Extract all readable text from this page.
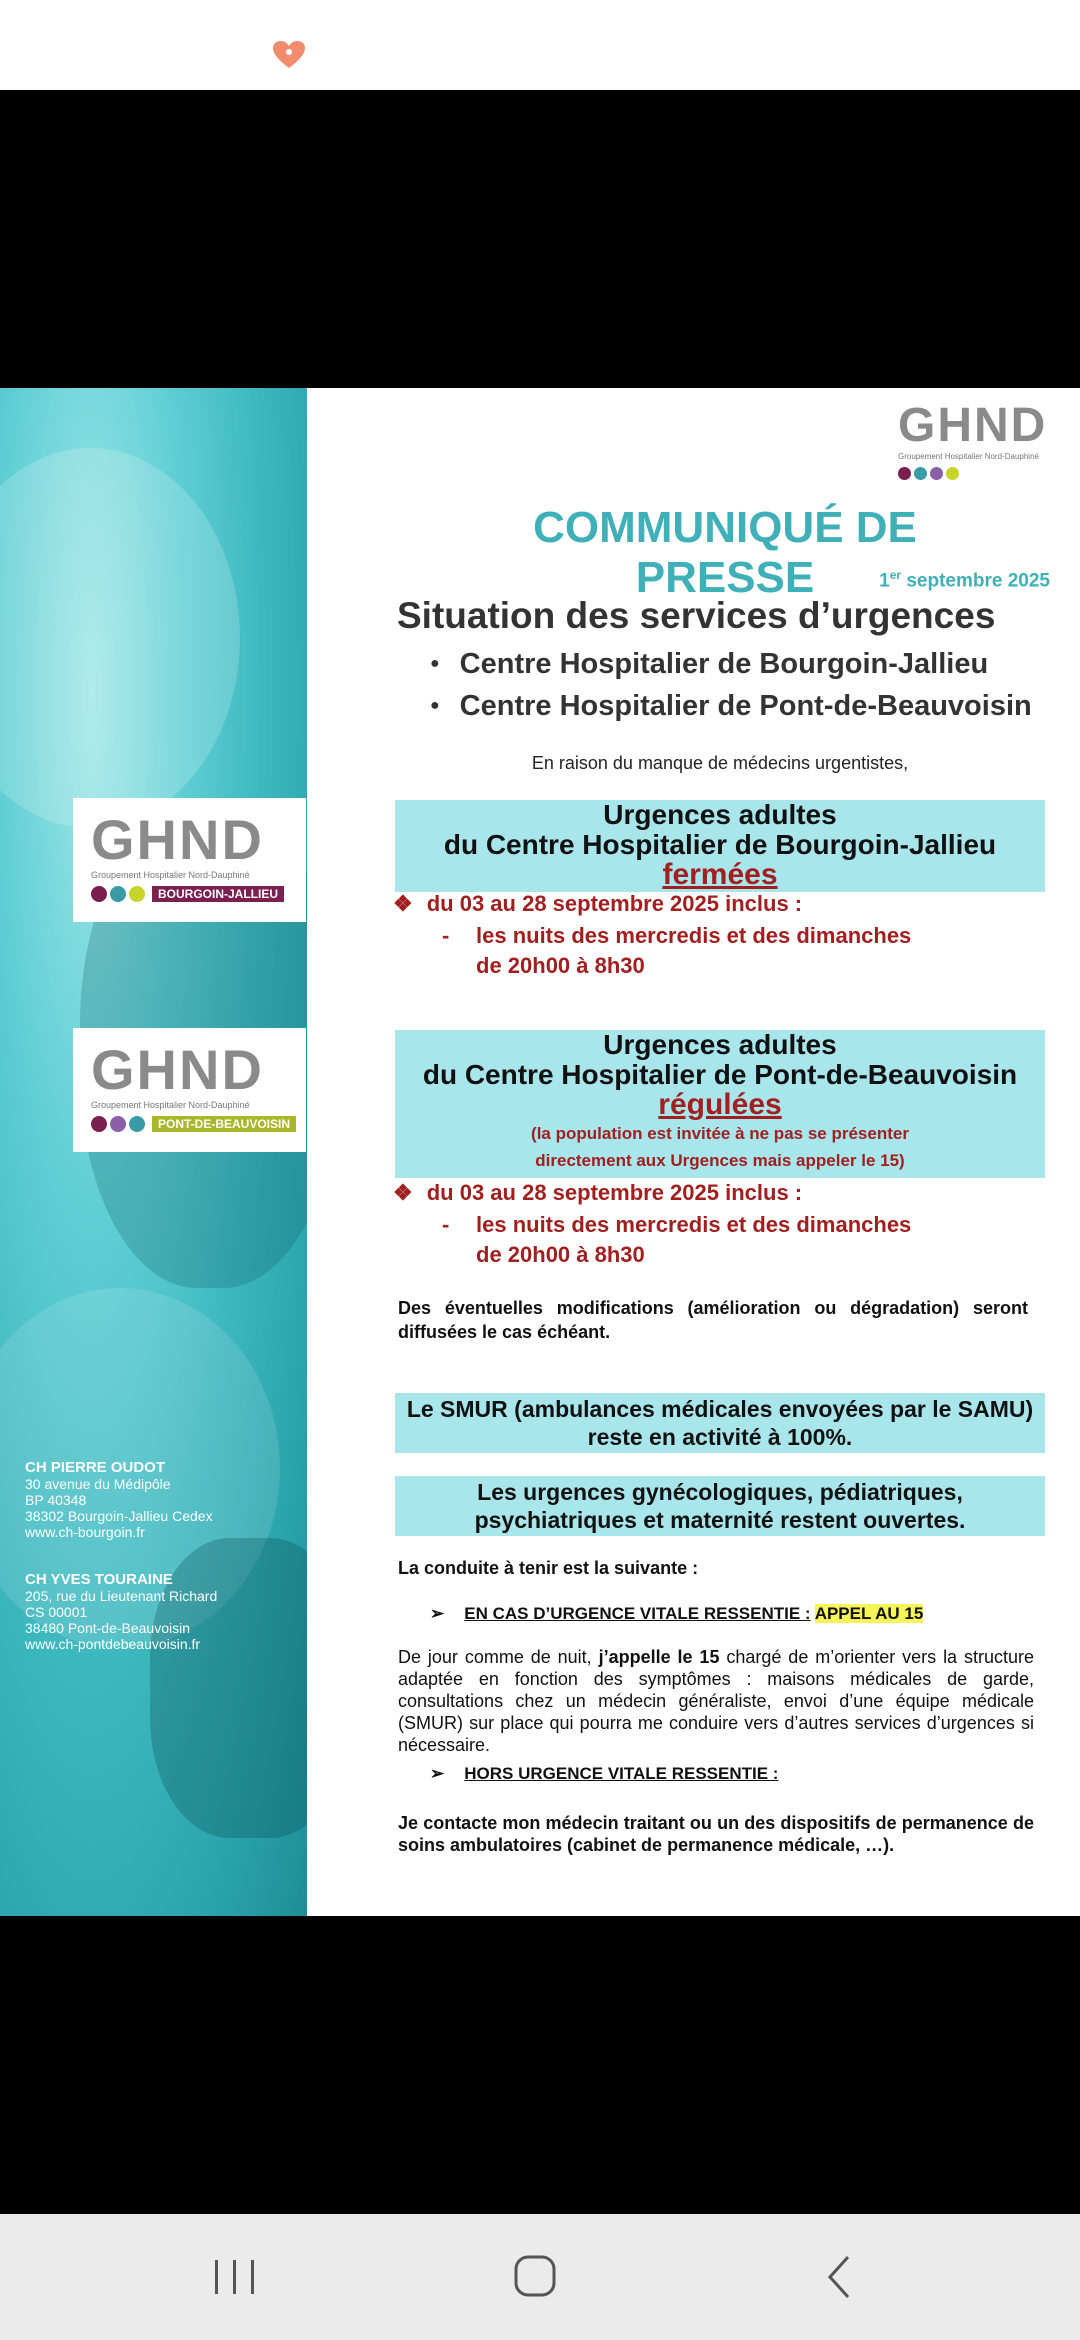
GHND
Groupement Hospitalier Nord-Dauphiné
BOURGOIN-JALLIEU
GHND
Groupement Hospitalier Nord-Dauphiné
PONT-DE-BEAUVOISIN
CH PIERRE OUDOT
30 avenue du Médipôle
BP 40348
38302 Bourgoin-Jallieu Cedex
www.ch-bourgoin.fr
CH YVES TOURAINE
205, rue du Lieutenant Richard
CS 00001
38480 Pont-de-Beauvoisin
www.ch-pontdebeauvoisin.fr
GHND
Groupement Hospitalier Nord-Dauphiné
COMMUNIQUÉ DE PRESSE	1er septembre 2025
Situation des services d’urgences
● Centre Hospitalier de Bourgoin-Jallieu
● Centre Hospitalier de Pont-de-Beauvoisin
En raison du manque de médecins urgentistes,
Urgences adultes
du Centre Hospitalier de Bourgoin-Jallieu
fermées
❖ du 03 au 28 septembre 2025 inclus :
- les nuits des mercredis et des dimanches
de 20h00 à 8h30
Urgences adultes
du Centre Hospitalier de Pont-de-Beauvoisin
régulées
(la population est invitée à ne pas se présenter
directement aux Urgences mais appeler le 15)
❖ du 03 au 28 septembre 2025 inclus :
- les nuits des mercredis et des dimanches
de 20h00 à 8h30
Des éventuelles modifications (amélioration ou dégradation) seront diffusées le cas échéant.
Le SMUR (ambulances médicales envoyées par le SAMU)
reste en activité à 100%.
Les urgences gynécologiques, pédiatriques,
psychiatriques et maternité restent ouvertes.
La conduite à tenir est la suivante :
➢ EN CAS D’URGENCE VITALE RESSENTIE : APPEL AU 15
De jour comme de nuit, j’appelle le 15 chargé de m’orienter vers la structure adaptée en fonction des symptômes : maisons médicales de garde, consultations chez un médecin généraliste, envoi d’une équipe médicale (SMUR) sur place qui pourra me conduire vers d’autres services d’urgences si nécessaire.
➢ HORS URGENCE VITALE RESSENTIE :
Je contacte mon médecin traitant ou un des dispositifs de permanence de soins ambulatoires (cabinet de permanence médicale, …).
